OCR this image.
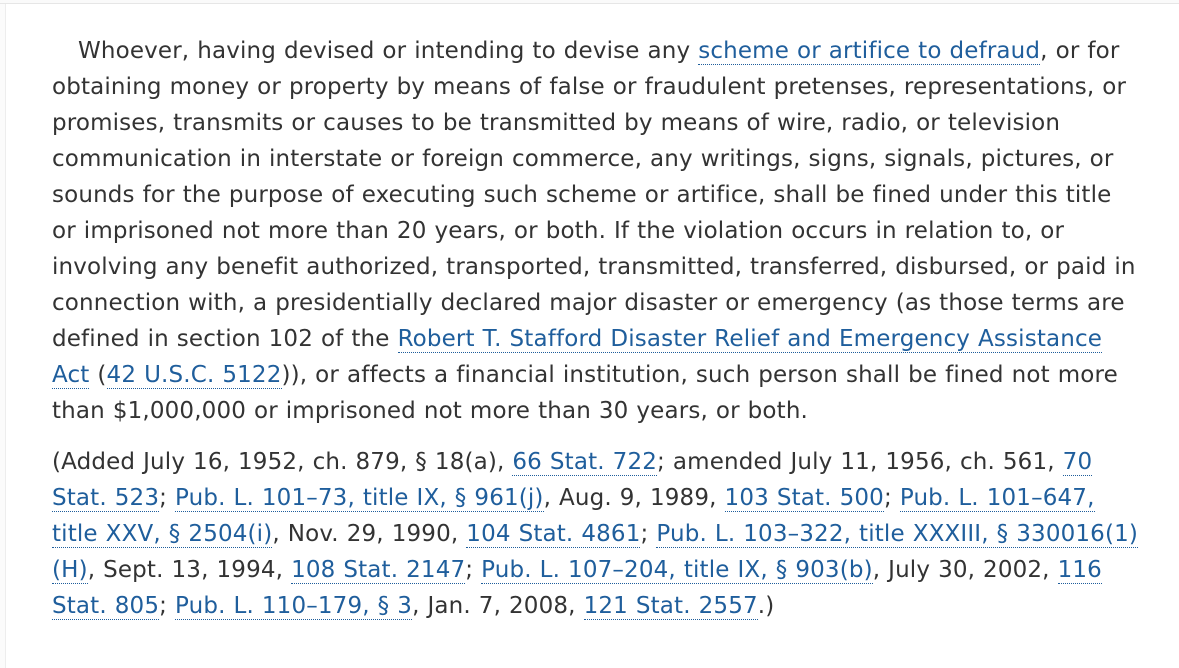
Whoever, having devised or intending to devise any scheme or artifice to defraud, or for obtaining money or property by means of false or fraudulent pretenses, representations, or promises, transmits or causes to be transmitted by means of wire, radio, or television communication in interstate or foreign commerce, any writings, signs, signals, pictures, or sounds for the purpose of executing such scheme or artifice, shall be fined under this title or imprisoned not more than 20 years, or both. If the violation occurs in relation to, or involving any benefit authorized, transported, transmitted, transferred, disbursed, or paid in connection with, a presidentially declared major disaster or emergency (as those terms are defined in section 102 of the Robert T. Stafford Disaster Relief and Emergency Assistance Act (42 U.S.C. 5122)), or affects a financial institution, such person shall be fined not more than $1,000,000 or imprisoned not more than 30 years, or both.

(Added July 16, 1952, ch. 879, § 18(a), 66 Stat. 722; amended July 11, 1956, ch. 561, 70 Stat. 523; Pub. L. 101–73, title IX, § 961(j), Aug. 9, 1989, 103 Stat. 500; Pub. L. 101–647, title XXV, § 2504(i), Nov. 29, 1990, 104 Stat. 4861; Pub. L. 103–322, title XXXIII, § 330016(1)(H), Sept. 13, 1994, 108 Stat. 2147; Pub. L. 107–204, title IX, § 903(b), July 30, 2002, 116 Stat. 805; Pub. L. 110–179, § 3, Jan. 7, 2008, 121 Stat. 2557.)
